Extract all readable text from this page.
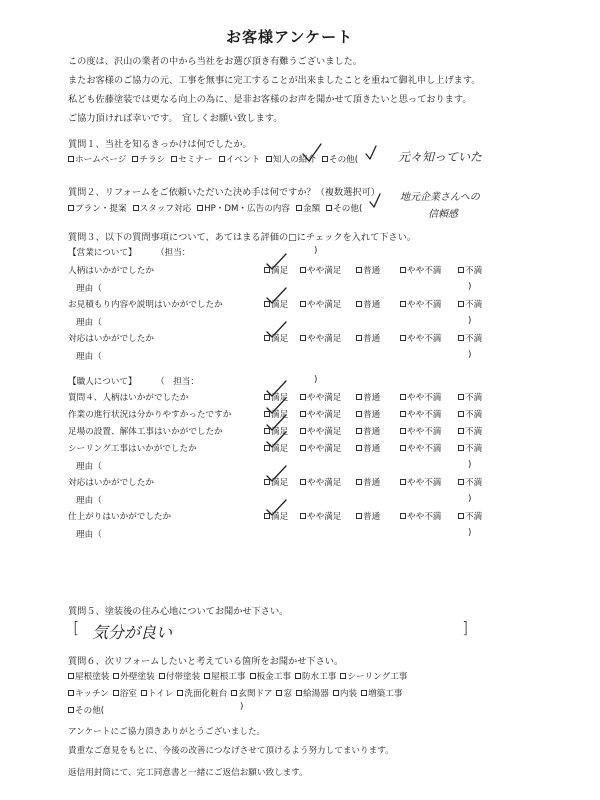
お客様アンケート
この度は、沢山の業者の中から当社をお選び頂き有難うございました。
またお客様のご協力の元、工事を無事に完工することが出来ましたことを重ねて御礼申し上げます。
私ども佐藤塗装では更なる向上の為に、是非お客様のお声を聞かせて頂きたいと思っております。
ご協力頂ければ幸いです。　宜しくお願い致します。
質問１、当社を知るきっかけは何でしたか。
ホームページ チラシ セミナー イベント 知人の紹介 その他(	元々知っていた
質問２、リフォームをご依頼いただいた決め手は何ですか？（複数選択可）
プラン・提案 スタッフ対応 HP・DM・広告の内容 金額 その他(
地元企業さんへの
信頼感
質問３、以下の質問事項について、あてはまる評価の□にチェックを入れて下さい。
【営業について】 （担当：	)
人柄はいかがでしたか	満足 やや満足	普通	やや不満	不満
理由（	)
お見積もり内容や説明はいかがでしたか	満足 やや満足	普通	やや不満	不満
理由（	)
対応はいかがでしたか	満足 やや満足	普通	やや不満	不満
理由（	)
【職人について】 （　担当：	)
質問４、人柄はいかがでしたか	満足 やや満足	普通	やや不満	不満
作業の進行状況は分かりやすかったですか	満足 やや満足	普通	やや不満	不満
足場の設置、解体工事はいかがでしたか	満足 やや満足	普通	やや不満	不満
シーリング工事はいかがでしたか	満足 やや満足	普通	やや不満	不満
理由（	)
対応はいかがでしたか	満足 やや満足	普通	やや不満	不満
理由（	)
仕上がりはいかがでしたか	満足 やや満足	普通	やや不満	不満
理由（	)
質問５、塗装後の住み心地についてお聞かせ下さい。
[	]
気分が良い
質問６、次リフォームしたいと考えている箇所をお聞かせ下さい。
屋根塗装 外壁塗装 付帯塗装 屋根工事 板金工事 防水工事 シーリング工事
キッチン 浴室 トイレ 洗面化粧台 玄関ドア 窓 給湯器 内装 増築工事
その他(	)
アンケートにご協力頂きありがとうございました。
貴重なご意見をもとに、今後の改善につなげさせて頂けるよう努力してまいります。
返信用封筒にて、完工同意書と一緒にご返信お願い致します。
